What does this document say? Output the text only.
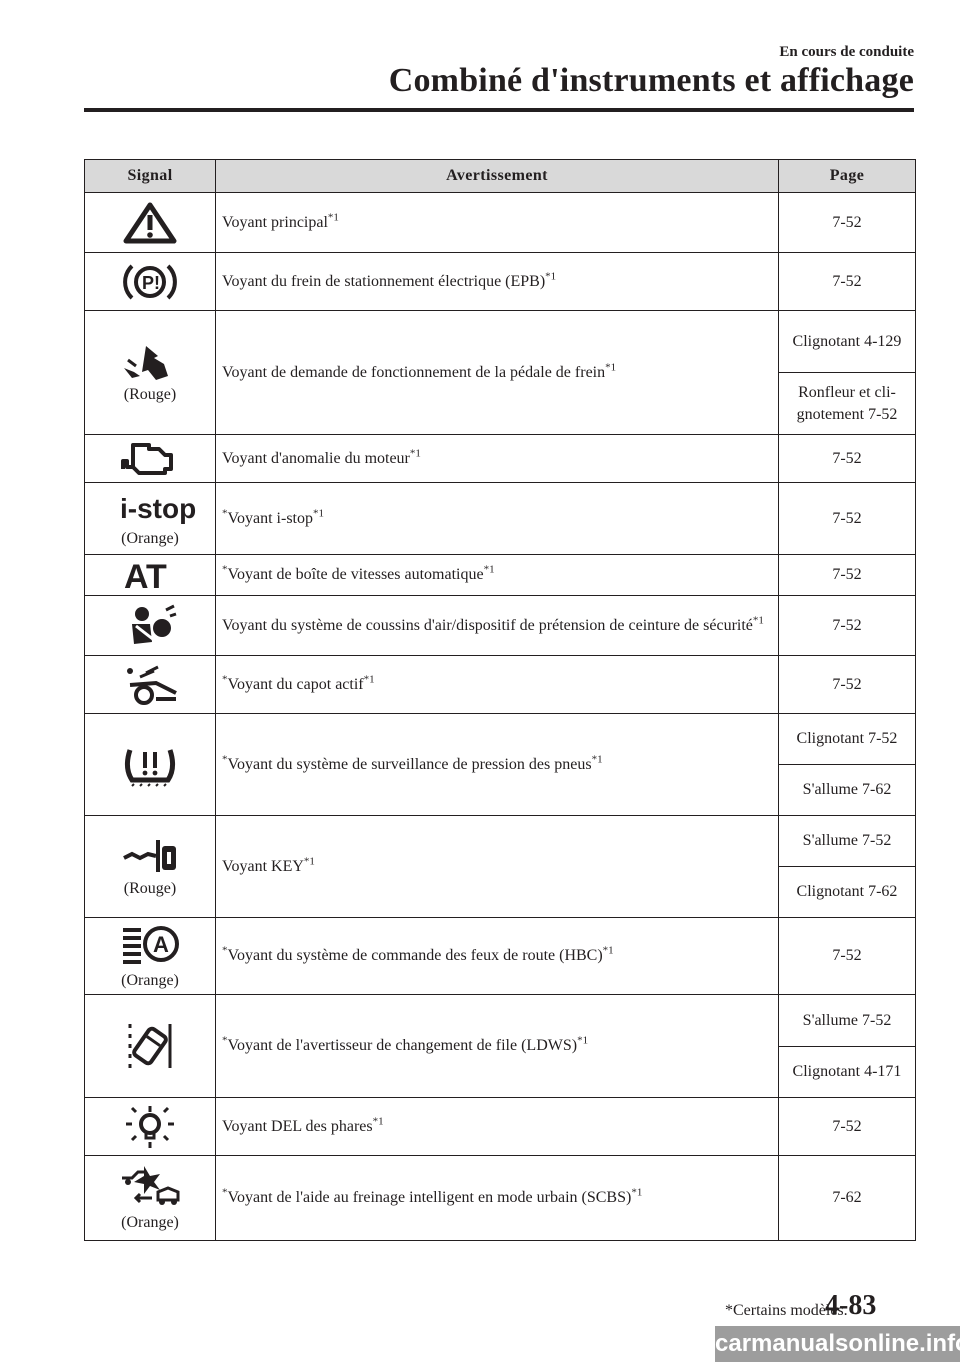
En cours de conduite
Combiné d'instruments et affichage
Signal	Avertissement	Page

	Voyant principal$^{*1}$	7-52

P!	Voyant du frein de stationnement électrique (EPB)$^{*1}$	7-52

(Rouge)	Voyant de demande de fonctionnement de la pédale de frein$^{*1}$	Clignotant 4-129
		Ronfleur et cli-gnotement 7-52

	Voyant d'anomalie du moteur$^{*1}$	7-52

i-stop
(Orange)	*Voyant i-stop$^{*1}$	7-52

AT	*Voyant de boîte de vitesses automatique$^{*1}$	7-52

	Voyant du système de coussins d'air/dispositif de prétension de ceinture de sécurité$^{*1}$	7-52

	*Voyant du capot actif$^{*1}$	7-52

	*Voyant du système de surveillance de pression des pneus$^{*1}$	Clignotant 7-52
		S'allume 7-62

(Rouge)	Voyant KEY$^{*1}$	S'allume 7-52
		Clignotant 7-62

A
(Orange)	*Voyant du système de commande des feux de route (HBC)$^{*1}$	7-52

	*Voyant de l'avertisseur de changement de file (LDWS)$^{*1}$	S'allume 7-52
		Clignotant 4-171

	Voyant DEL des phares$^{*1}$	7-52

(Orange)	*Voyant de l'aide au freinage intelligent en mode urbain (SCBS)$^{*1}$	7-62
*Certains modèles.
4-83
carmanualsonline.info
